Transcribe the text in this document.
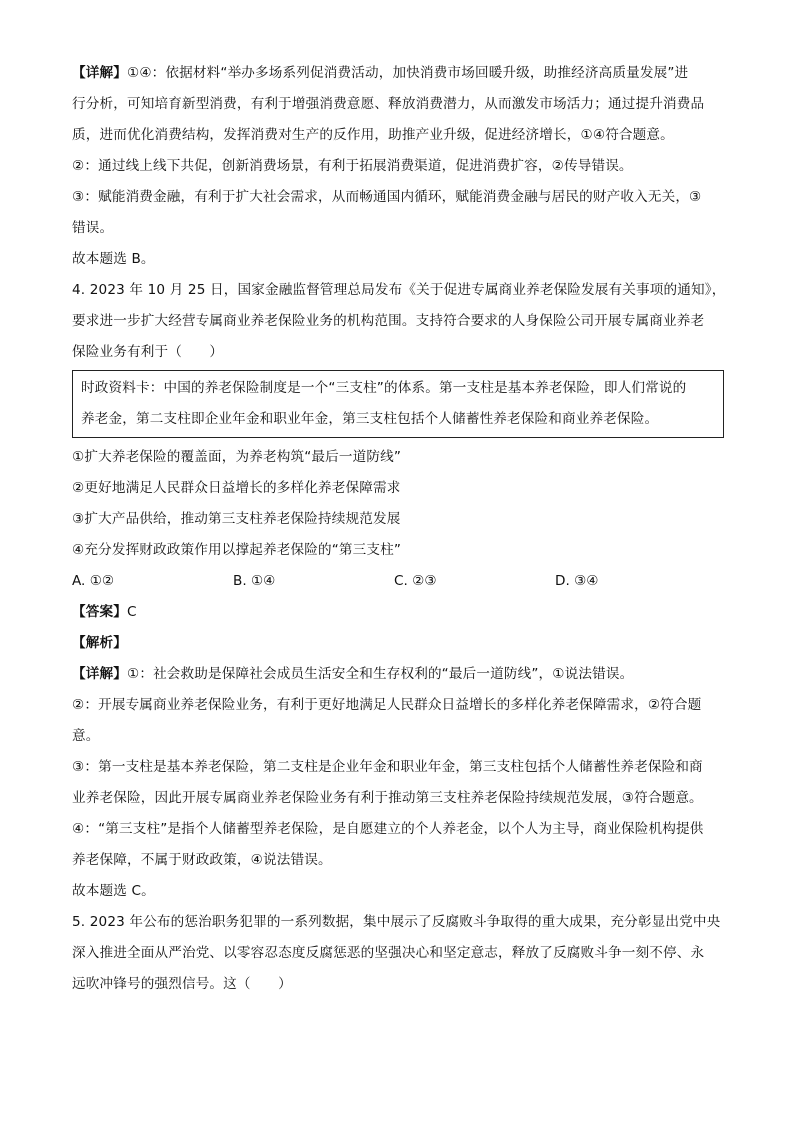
【详解】①④：依据材料“举办多场系列促消费活动，加快消费市场回暖升级，助推经济高质量发展”进
行分析，可知培育新型消费，有利于增强消费意愿、释放消费潜力，从而激发市场活力；通过提升消费品
质，进而优化消费结构，发挥消费对生产的反作用，助推产业升级，促进经济增长，①④符合题意。
②：通过线上线下共促，创新消费场景，有利于拓展消费渠道，促进消费扩容，②传导错误。
③：赋能消费金融，有利于扩大社会需求，从而畅通国内循环，赋能消费金融与居民的财产收入无关，③
错误。
故本题选 B。
4. 2023 年 10 月 25 日，国家金融监督管理总局发布《关于促进专属商业养老保险发展有关事项的通知》，
要求进一步扩大经营专属商业养老保险业务的机构范围。支持符合要求的人身保险公司开展专属商业养老
保险业务有利于（　　）
时政资料卡：中国的养老保险制度是一个“三支柱”的体系。第一支柱是基本养老保险，即人们常说的
养老金，第二支柱即企业年金和职业年金，第三支柱包括个人储蓄性养老保险和商业养老保险。
①扩大养老保险的覆盖面，为养老构筑“最后一道防线”
②更好地满足人民群众日益增长的多样化养老保障需求
③扩大产品供给，推动第三支柱养老保险持续规范发展
④充分发挥财政政策作用以撑起养老保险的“第三支柱”
A. ①②	B. ①④	C. ②③	D. ③④
【答案】C
【解析】
【详解】①：社会救助是保障社会成员生活安全和生存权利的“最后一道防线”，①说法错误。
②：开展专属商业养老保险业务，有利于更好地满足人民群众日益增长的多样化养老保障需求，②符合题
意。
③：第一支柱是基本养老保险，第二支柱是企业年金和职业年金，第三支柱包括个人储蓄性养老保险和商
业养老保险，因此开展专属商业养老保险业务有利于推动第三支柱养老保险持续规范发展，③符合题意。
④：“第三支柱”是指个人储蓄型养老保险，是自愿建立的个人养老金，以个人为主导，商业保险机构提供
养老保障，不属于财政政策，④说法错误。
故本题选 C。
5. 2023 年公布的惩治职务犯罪的一系列数据，集中展示了反腐败斗争取得的重大成果，充分彰显出党中央
深入推进全面从严治党、以零容忍态度反腐惩恶的坚强决心和坚定意志，释放了反腐败斗争一刻不停、永
远吹冲锋号的强烈信号。这（　　）
